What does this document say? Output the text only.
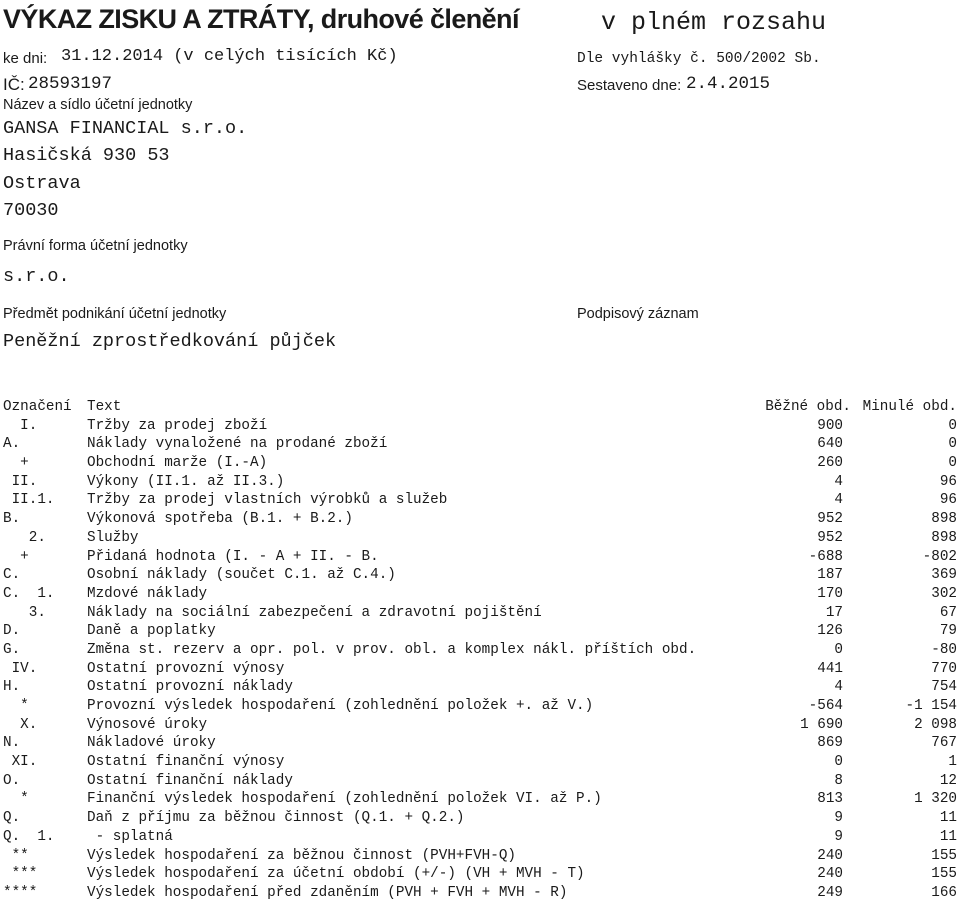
VÝKAZ ZISKU A ZTRÁTY, druhové členění	v plném rozsahu
ke dni: 31.12.2014 (v celých tisících Kč)	Dle vyhlášky č. 500/2002 Sb.
IČ: 28593197	Sestaveno dne: 2.4.2015
Název a sídlo účetní jednotky
GANSA FINANCIAL s.r.o.
Hasičská 930 53
Ostrava
70030
Právní forma účetní jednotky
s.r.o.
Předmět podnikání účetní jednotky
Peněžní zprostředkování půjček
Podpisový záznam
Označení Text	Běžné obd. Minulé obd.
I.	Tržby za prodej zboží	900	0
A.	Náklady vynaložené na prodané zboží	640	0
+	Obchodní marže (I.-A)	260	0
II.	Výkony (II.1. až II.3.)	4	96
II.1. Tržby za prodej vlastních výrobků a služeb	4	96
B.	Výkonová spotřeba (B.1. + B.2.)	952	898
2.	Služby	952	898
+	Přidaná hodnota (I. - A + II. - B.	-688	-802
C.	Osobní náklady (součet C.1. až C.4.)	187	369
C.  1. Mzdové náklady	170	302
3.	Náklady na sociální zabezpečení a zdravotní pojištění	17	67
D.	Daně a poplatky	126	79
G.	Změna st. rezerv a opr. pol. v prov. obl. a komplex nákl. příštích obd.	0	-80
IV.	Ostatní provozní výnosy	441	770
H.	Ostatní provozní náklady	4	754
*	Provozní výsledek hospodaření (zohlednění položek +. až V.)	-564	-1 154
X.	Výnosové úroky	1 690	2 098
N.	Nákladové úroky	869	767
XI.	Ostatní finanční výnosy	0	1
O.	Ostatní finanční náklady	8	12
*	Finanční výsledek hospodaření (zohlednění položek VI. až P.)	813	1 320
Q.	Daň z příjmu za běžnou činnost (Q.1. + Q.2.)	9	11
Q.  1. - splatná	9	11
**	Výsledek hospodaření za běžnou činnost (PVH+FVH-Q)	240	155
***	Výsledek hospodaření za účetní období (+/-) (VH + MVH - T)	240	155
****	Výsledek hospodaření před zdaněním (PVH + FVH + MVH - R)	249	166
